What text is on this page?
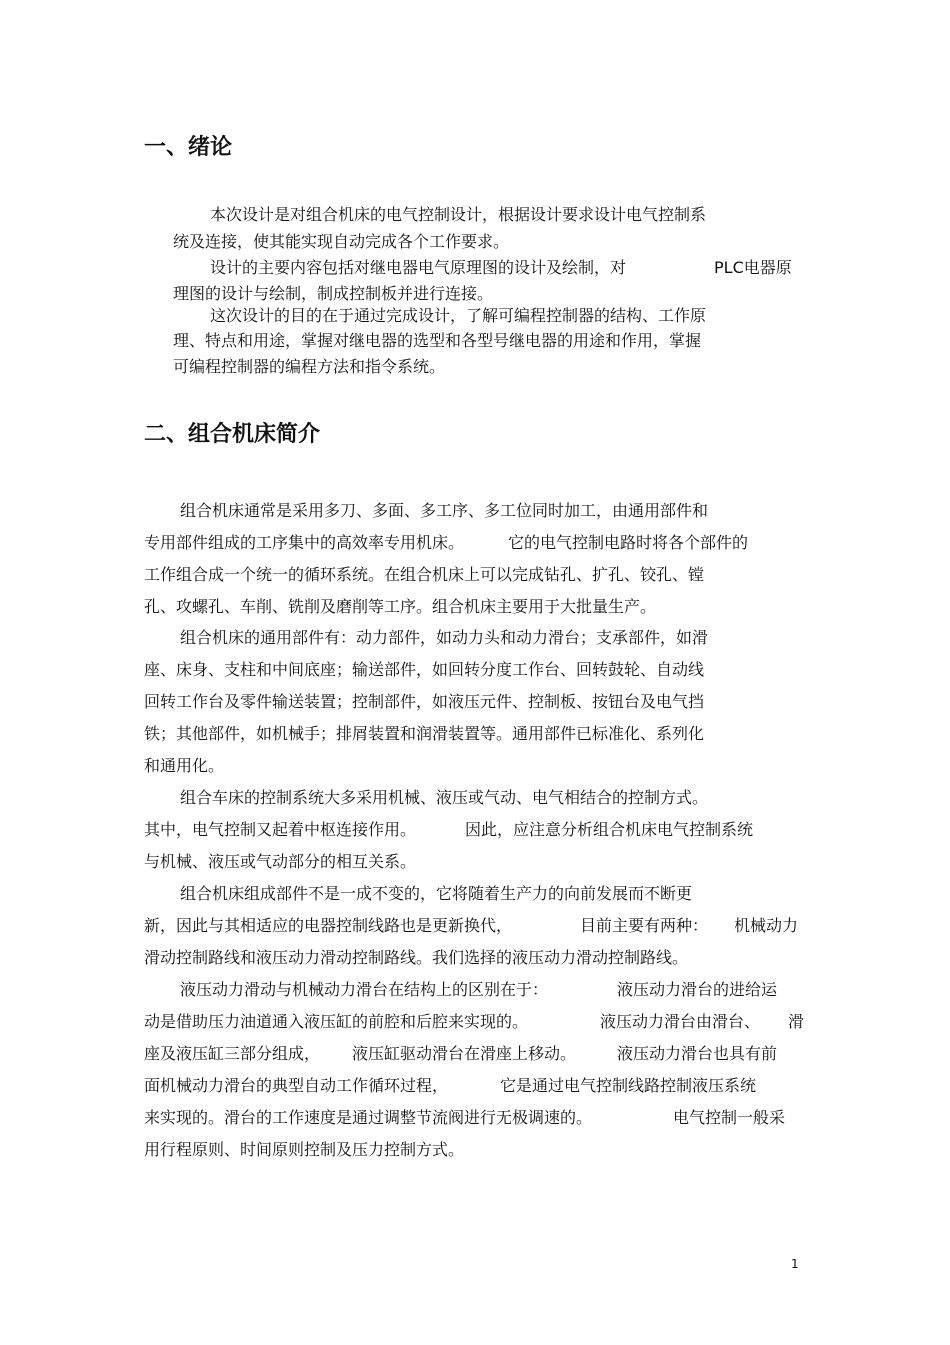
一、绪论

本次设计是对组合机床的电气控制设计，根据设计要求设计电气控制系

统及连接，使其能实现自动完成各个工作要求。

设计的主要内容包括对继电器电气原理图的设计及绘制，对	PLC电器原

理图的设计与绘制，制成控制板并进行连接。

这次设计的目的在于通过完成设计，了解可编程控制器的结构、工作原

理、特点和用途，掌握对继电器的选型和各型号继电器的用途和作用，掌握

可编程控制器的编程方法和指令系统。

二、组合机床简介

组合机床通常是采用多刀、多面、多工序、多工位同时加工，由通用部件和

专用部件组成的工序集中的高效率专用机床。	它的电气控制电路时将各个部件的

工作组合成一个统一的循环系统。在组合机床上可以完成钻孔、扩孔、铰孔、镗

孔、攻螺孔、车削、铣削及磨削等工序。组合机床主要用于大批量生产。

组合机床的通用部件有：动力部件，如动力头和动力滑台；支承部件，如滑

座、床身、支柱和中间底座；输送部件，如回转分度工作台、回转鼓轮、自动线

回转工作台及零件输送装置；控制部件，如液压元件、控制板、按钮台及电气挡

铁；其他部件，如机械手；排屑装置和润滑装置等。通用部件已标准化、系列化

和通用化。

组合车床的控制系统大多采用机械、液压或气动、电气相结合的控制方式。

其中，电气控制又起着中枢连接作用。	因此，应注意分析组合机床电气控制系统

与机械、液压或气动部分的相互关系。

组合机床组成部件不是一成不变的，它将随着生产力的向前发展而不断更

新，因此与其相适应的电器控制线路也是更新换代，	目前主要有两种： 机械动力

滑动控制路线和液压动力滑动控制路线。我们选择的液压动力滑动控制路线。

液压动力滑动与机械动力滑台在结构上的区别在于：	液压动力滑台的进给运

动是借助压力油道通入液压缸的前腔和后腔来实现的。	液压动力滑台由滑台、 滑

座及液压缸三部分组成， 液压缸驱动滑台在滑座上移动。	液压动力滑台也具有前

面机械动力滑台的典型自动工作循环过程，	它是通过电气控制线路控制液压系统

来实现的。滑台的工作速度是通过调整节流阀进行无极调速的。	电气控制一般采

用行程原则、时间原则控制及压力控制方式。

1
